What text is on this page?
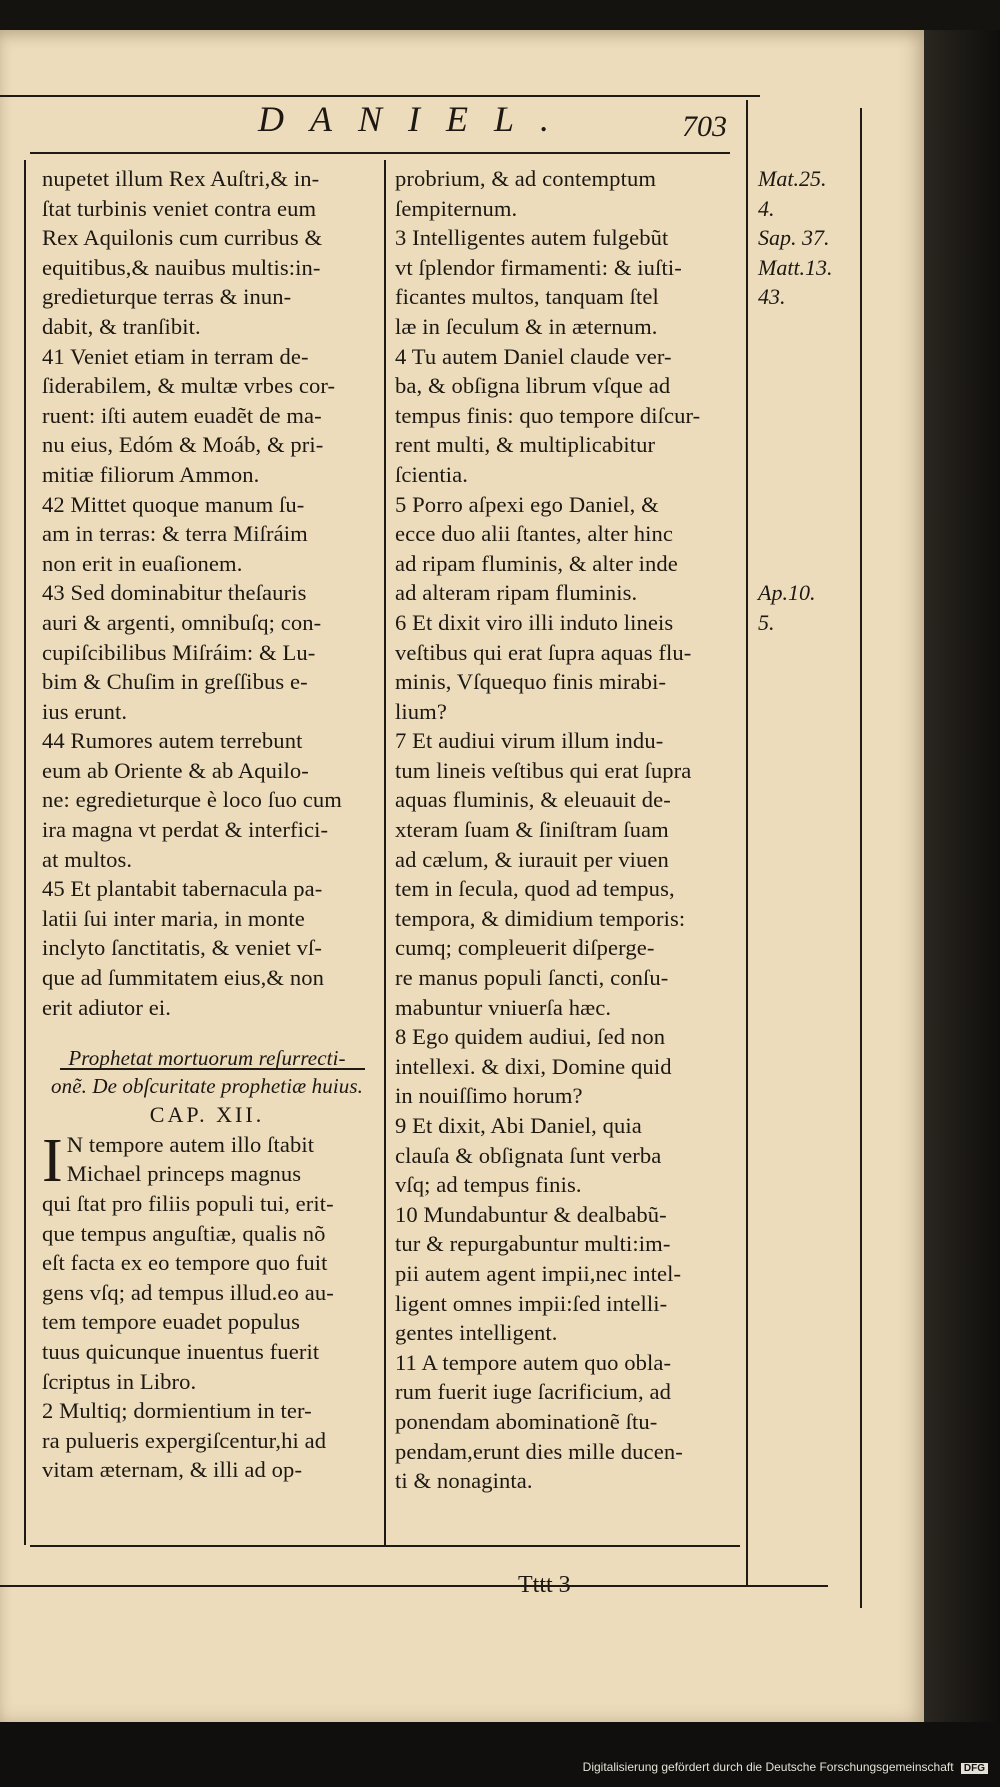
DANIEL.	703
nupetet illum Rex Auſtri,& in-
ſtat turbinis veniet contra eum
Rex Aquilonis cum curribus &
equitibus,& nauibus multis:in-
gredieturque terras & inun-
dabit, & tranſibit.
41 Veniet etiam in terram de-
ſiderabilem, & multæ vrbes cor-
ruent: iſti autem euadẽt de ma-
nu eius, Edóm & Moáb, & pri-
mitiæ filiorum Ammon.
42 Mittet quoque manum ſu-
am in terras: & terra Miſráim
non erit in euaſionem.
43 Sed dominabitur theſauris
auri & argenti, omnibuſq; con-
cupiſcibilibus Miſráim: & Lu-
bim & Chuſim in greſſibus e-
ius erunt.
44 Rumores autem terrebunt
eum ab Oriente & ab Aquilo-
ne: egredieturque è loco ſuo cum
ira magna vt perdat & interfici-
at multos.
45 Et plantabit tabernacula pa-
latii ſui inter maria, in monte
inclyto ſanctitatis, & veniet vſ-
que ad ſummitatem eius,& non
erit adiutor ei.

Prophetat mortuorum reſurrecti-

onẽ. De obſcuritate prophetiæ huius.

CAP. XII.

I N tempore autem illo ſtabit
Michael princeps magnus
qui ſtat pro filiis populi tui, erit-
que tempus anguſtiæ, qualis nõ
eſt facta ex eo tempore quo fuit
gens vſq; ad tempus illud.eo au-
tem tempore euadet populus
tuus quicunque inuentus fuerit
ſcriptus in Libro.
2 Multiq; dormientium in ter-
ra pulueris expergiſcentur,hi ad
vitam æternam, & illi ad op-
probrium, & ad contemptum
ſempiternum.
3 Intelligentes autem fulgebũt
vt ſplendor firmamenti: & iuſti-
ficantes multos, tanquam ſtel
læ in ſeculum & in æternum.
4 Tu autem Daniel claude ver-
ba, & obſigna librum vſque ad
tempus finis: quo tempore diſcur-
rent multi, & multiplicabitur
ſcientia.
5 Porro aſpexi ego Daniel, &
ecce duo alii ſtantes, alter hinc
ad ripam fluminis, & alter inde
ad alteram ripam fluminis.
6 Et dixit viro illi induto lineis
veſtibus qui erat ſupra aquas flu-
minis, Vſquequo finis mirabi-
lium?
7 Et audiui virum illum indu-
tum lineis veſtibus qui erat ſupra
aquas fluminis, & eleuauit de-
xteram ſuam & ſiniſtram ſuam
ad cælum, & iurauit per viuen
tem in ſecula, quod ad tempus,
tempora, & dimidium temporis:
cumq; compleuerit diſperge-
re manus populi ſancti, conſu-
mabuntur vniuerſa hæc.
8 Ego quidem audiui, ſed non
intellexi. & dixi, Domine quid
in nouiſſimo horum?
9 Et dixit, Abi Daniel, quia
clauſa & obſignata ſunt verba
vſq; ad tempus finis.
10 Mundabuntur & dealbabũ-
tur & repurgabuntur multi:im-
pii autem agent impii,nec intel-
ligent omnes impii:ſed intelli-
gentes intelligent.
11 A tempore autem quo obla-
rum fuerit iuge ſacrificium, ad
ponendam abominationẽ ſtu-
pendam,erunt dies mille ducen-
ti & nonaginta.
Mat.25.
4.
Sap. 37.
Matt.13.
43.
Ap.10.
5.
Tttt 3
Digitalisierung gefördert durch die Deutsche Forschungsgemeinschaft DFG
